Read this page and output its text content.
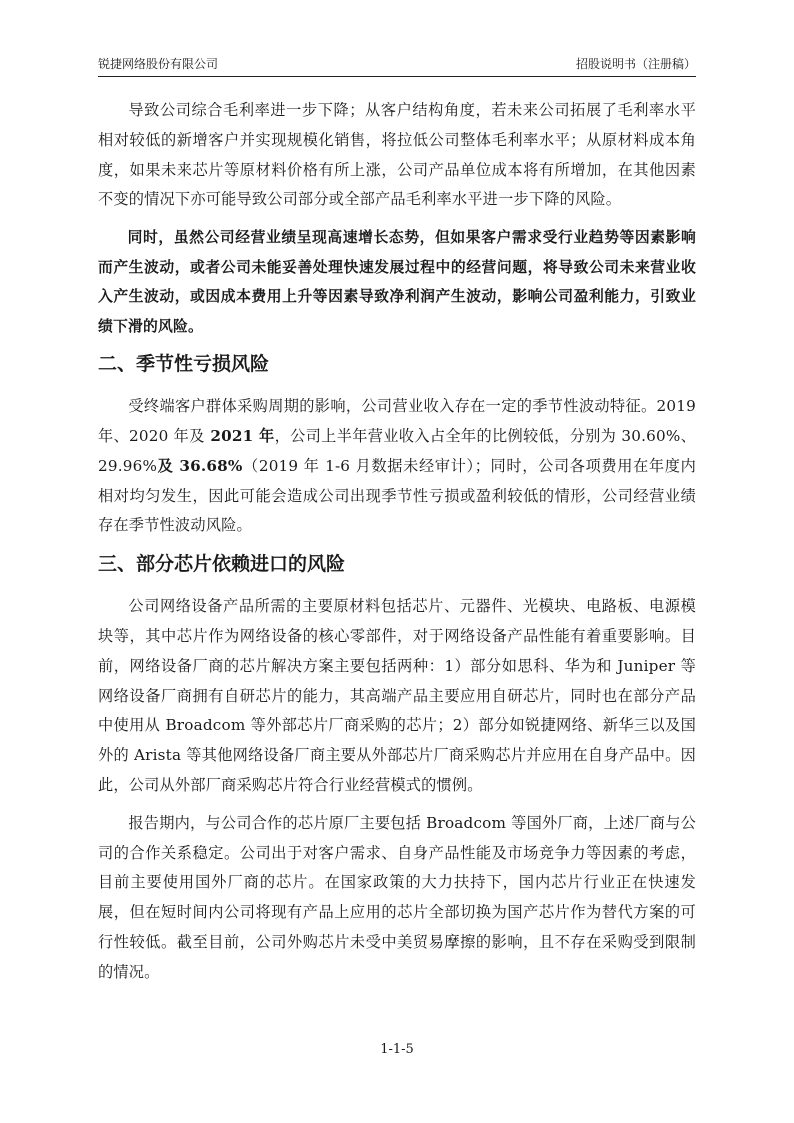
锐捷网络股份有限公司	招股说明书（注册稿）

导致公司综合毛利率进一步下降；从客户结构角度，若未来公司拓展了毛利率水平相对较低的新增客户并实现规模化销售，将拉低公司整体毛利率水平；从原材料成本角度，如果未来芯片等原材料价格有所上涨，公司产品单位成本将有所增加，在其他因素不变的情况下亦可能导致公司部分或全部产品毛利率水平进一步下降的风险。

同时，虽然公司经营业绩呈现高速增长态势，但如果客户需求受行业趋势等因素影响而产生波动，或者公司未能妥善处理快速发展过程中的经营问题，将导致公司未来营业收入产生波动，或因成本费用上升等因素导致净利润产生波动，影响公司盈利能力，引致业绩下滑的风险。

二、季节性亏损风险

受终端客户群体采购周期的影响，公司营业收入存在一定的季节性波动特征。2019年、2020 年及 2021 年，公司上半年营业收入占全年的比例较低，分别为 30.60%、29.96%及 36.68%（2019 年 1-6 月数据未经审计）；同时，公司各项费用在年度内相对均匀发生，因此可能会造成公司出现季节性亏损或盈利较低的情形，公司经营业绩存在季节性波动风险。

三、部分芯片依赖进口的风险

公司网络设备产品所需的主要原材料包括芯片、元器件、光模块、电路板、电源模块等，其中芯片作为网络设备的核心零部件，对于网络设备产品性能有着重要影响。目前，网络设备厂商的芯片解决方案主要包括两种：1）部分如思科、华为和 Juniper 等网络设备厂商拥有自研芯片的能力，其高端产品主要应用自研芯片，同时也在部分产品中使用从 Broadcom 等外部芯片厂商采购的芯片；2）部分如锐捷网络、新华三以及国外的 Arista 等其他网络设备厂商主要从外部芯片厂商采购芯片并应用在自身产品中。因此，公司从外部厂商采购芯片符合行业经营模式的惯例。

报告期内，与公司合作的芯片原厂主要包括 Broadcom 等国外厂商，上述厂商与公司的合作关系稳定。公司出于对客户需求、自身产品性能及市场竞争力等因素的考虑，目前主要使用国外厂商的芯片。在国家政策的大力扶持下，国内芯片行业正在快速发展，但在短时间内公司将现有产品上应用的芯片全部切换为国产芯片作为替代方案的可行性较低。截至目前，公司外购芯片未受中美贸易摩擦的影响，且不存在采购受到限制的情况。

1-1-5
